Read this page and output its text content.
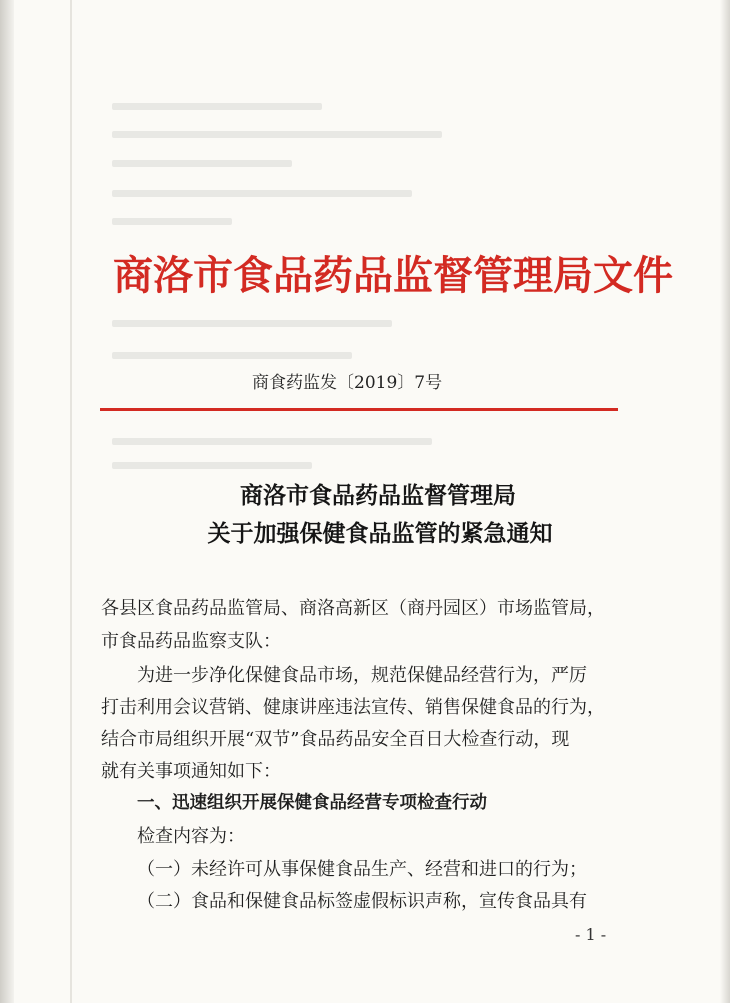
商洛市食品药品监督管理局文件
商食药监发〔2019〕7号
商洛市食品药品监督管理局
关于加强保健食品监管的紧急通知
各县区食品药品监管局、商洛高新区（商丹园区）市场监管局，
市食品药品监察支队：
为进一步净化保健食品市场，规范保健品经营行为，严厉
打击利用会议营销、健康讲座违法宣传、销售保健食品的行为，
结合市局组织开展“双节”食品药品安全百日大检查行动，现
就有关事项通知如下：
一、迅速组织开展保健食品经营专项检查行动
检查内容为：
（一）未经许可从事保健食品生产、经营和进口的行为；
（二）食品和保健食品标签虚假标识声称，宣传食品具有
- 1 -
